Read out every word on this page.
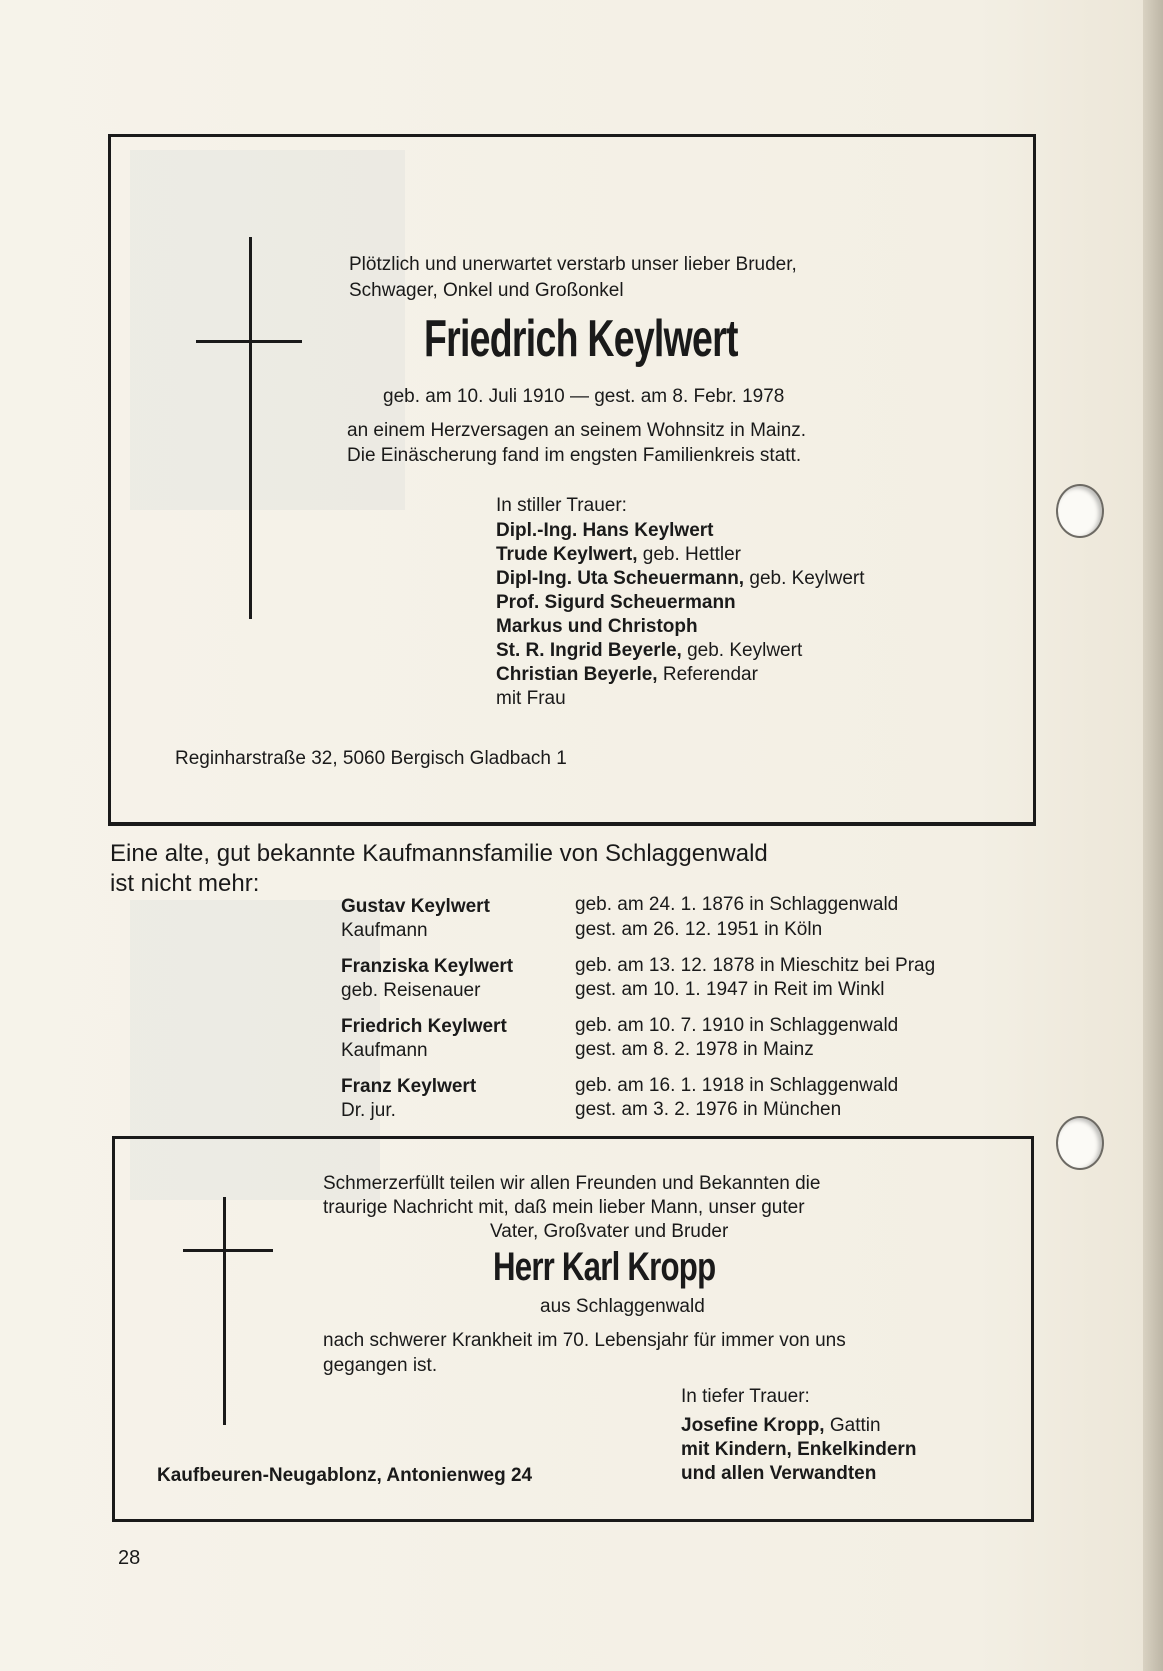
Plötzlich und unerwartet verstarb unser lieber Bruder,
Schwager, Onkel und Großonkel
Friedrich Keylwert
geb. am 10. Juli 1910 — gest. am 8. Febr. 1978
an einem Herzversagen an seinem Wohnsitz in Mainz.
Die Einäscherung fand im engsten Familienkreis statt.
In stiller Trauer:
Dipl.-Ing. Hans Keylwert
Trude Keylwert, geb. Hettler
Dipl-Ing. Uta Scheuermann, geb. Keylwert
Prof. Sigurd Scheuermann
Markus und Christoph
St. R. Ingrid Beyerle, geb. Keylwert
Christian Beyerle, Referendar
mit Frau
Reginharstraße 32, 5060 Bergisch Gladbach 1
Eine alte, gut bekannte Kaufmannsfamilie von Schlaggenwald
ist nicht mehr:
Gustav Keylwert
Kaufmann
geb. am 24. 1. 1876 in Schlaggenwald
gest. am 26. 12. 1951 in Köln
Franziska Keylwert
geb. Reisenauer
geb. am 13. 12. 1878 in Mieschitz bei Prag
gest. am 10. 1. 1947 in Reit im Winkl
Friedrich Keylwert
Kaufmann
geb. am 10. 7. 1910 in Schlaggenwald
gest. am 8. 2. 1978 in Mainz
Franz Keylwert
Dr. jur.
geb. am 16. 1. 1918 in Schlaggenwald
gest. am 3. 2. 1976 in München
Schmerzerfüllt teilen wir allen Freunden und Bekannten die
traurige Nachricht mit, daß mein lieber Mann, unser guter
Vater, Großvater und Bruder
Herr Karl Kropp
aus Schlaggenwald
nach schwerer Krankheit im 70. Lebensjahr für immer von uns
gegangen ist.
In tiefer Trauer:
Josefine Kropp, Gattin
mit Kindern, Enkelkindern
und allen Verwandten
Kaufbeuren-Neugablonz, Antonienweg 24
28
